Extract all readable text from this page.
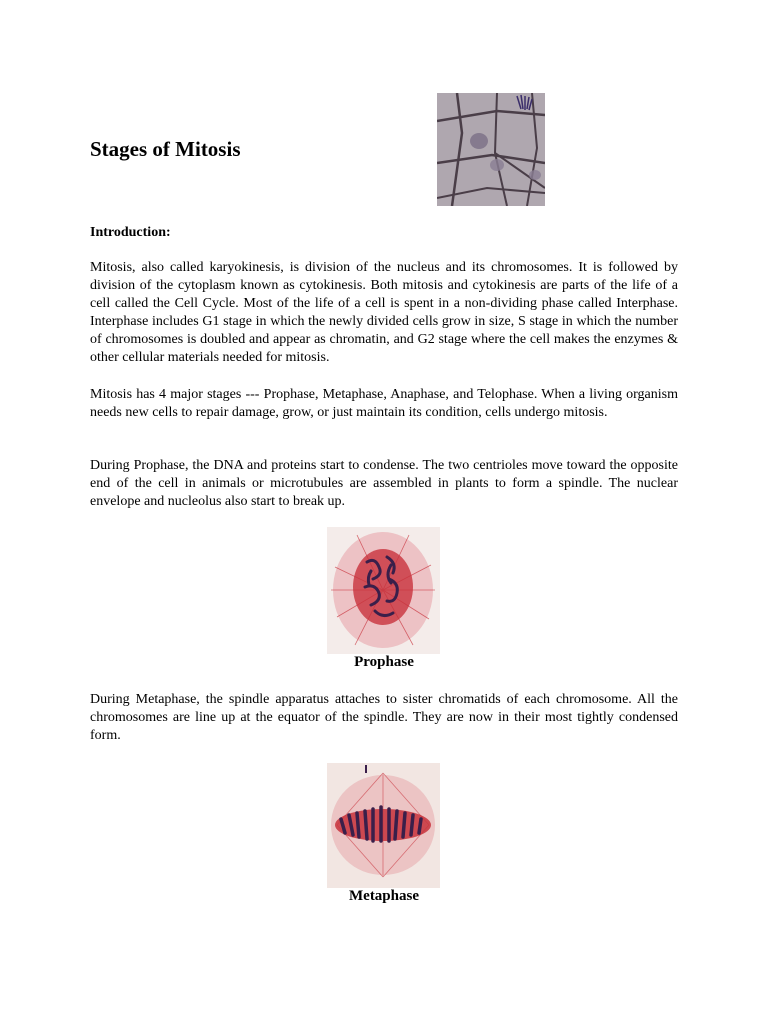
Stages of Mitosis
Introduction:

Mitosis, also called karyokinesis, is division of the nucleus and its chromosomes. It is followed by division of the cytoplasm known as cytokinesis. Both mitosis and cytokinesis are parts of the life of a cell called the Cell Cycle. Most of the life of a cell is spent in a non-dividing phase called Interphase. Interphase includes G1 stage in which the newly divided cells grow in size, S stage in which the number of chromosomes is doubled and appear as chromatin, and G2 stage where the cell makes the enzymes & other cellular materials needed for mitosis.

Mitosis has 4 major stages --- Prophase, Metaphase, Anaphase, and Telophase. When a living organism needs new cells to repair damage, grow, or just maintain its condition, cells undergo mitosis.

During Prophase, the DNA and proteins start to condense. The two centrioles move toward the opposite end of the cell in animals or microtubules are assembled in plants to form a spindle. The nuclear envelope and nucleolus also start to break up.

Prophase

During Metaphase, the spindle apparatus attaches to sister chromatids of each chromosome. All the chromosomes are line up at the equator of the spindle. They are now in their most tightly condensed form.

Metaphase
